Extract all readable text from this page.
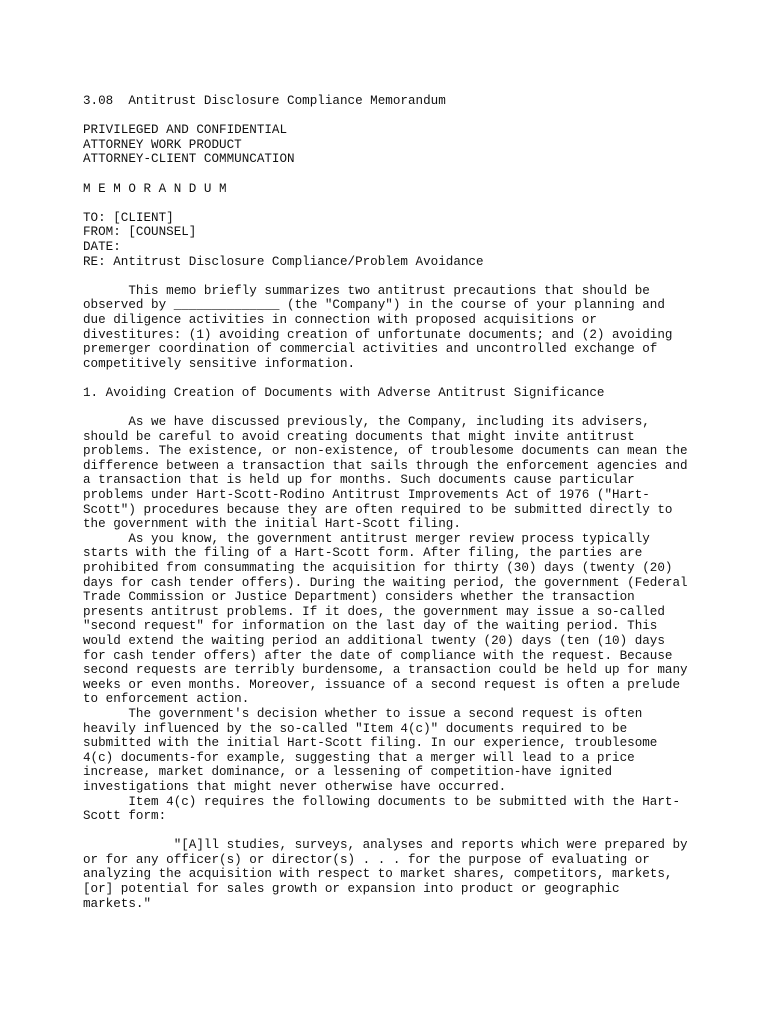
3.08  Antitrust Disclosure Compliance Memorandum
PRIVILEGED AND CONFIDENTIAL
ATTORNEY WORK PRODUCT
ATTORNEY-CLIENT COMMUNCATION
M E M O R A N D U M
TO: [CLIENT]
FROM: [COUNSEL]
DATE:
RE: Antitrust Disclosure Compliance/Problem Avoidance
This memo briefly summarizes two antitrust precautions that should be
observed by ______________ (the "Company") in the course of your planning and
due diligence activities in connection with proposed acquisitions or
divestitures: (1) avoiding creation of unfortunate documents; and (2) avoiding
premerger coordination of commercial activities and uncontrolled exchange of
competitively sensitive information.
1. Avoiding Creation of Documents with Adverse Antitrust Significance
As we have discussed previously, the Company, including its advisers,
should be careful to avoid creating documents that might invite antitrust
problems. The existence, or non-existence, of troublesome documents can mean the
difference between a transaction that sails through the enforcement agencies and
a transaction that is held up for months. Such documents cause particular
problems under Hart-Scott-Rodino Antitrust Improvements Act of 1976 ("Hart-
Scott") procedures because they are often required to be submitted directly to
the government with the initial Hart-Scott filing.
As you know, the government antitrust merger review process typically
starts with the filing of a Hart-Scott form. After filing, the parties are
prohibited from consummating the acquisition for thirty (30) days (twenty (20)
days for cash tender offers). During the waiting period, the government (Federal
Trade Commission or Justice Department) considers whether the transaction
presents antitrust problems. If it does, the government may issue a so-called
"second request" for information on the last day of the waiting period. This
would extend the waiting period an additional twenty (20) days (ten (10) days
for cash tender offers) after the date of compliance with the request. Because
second requests are terribly burdensome, a transaction could be held up for many
weeks or even months. Moreover, issuance of a second request is often a prelude
to enforcement action.
The government's decision whether to issue a second request is often
heavily influenced by the so-called "Item 4(c)" documents required to be
submitted with the initial Hart-Scott filing. In our experience, troublesome
4(c) documents-for example, suggesting that a merger will lead to a price
increase, market dominance, or a lessening of competition-have ignited
investigations that might never otherwise have occurred.
Item 4(c) requires the following documents to be submitted with the Hart-
Scott form:
"[A]ll studies, surveys, analyses and reports which were prepared by
or for any officer(s) or director(s) . . . for the purpose of evaluating or
analyzing the acquisition with respect to market shares, competitors, markets,
[or] potential for sales growth or expansion into product or geographic
markets."
